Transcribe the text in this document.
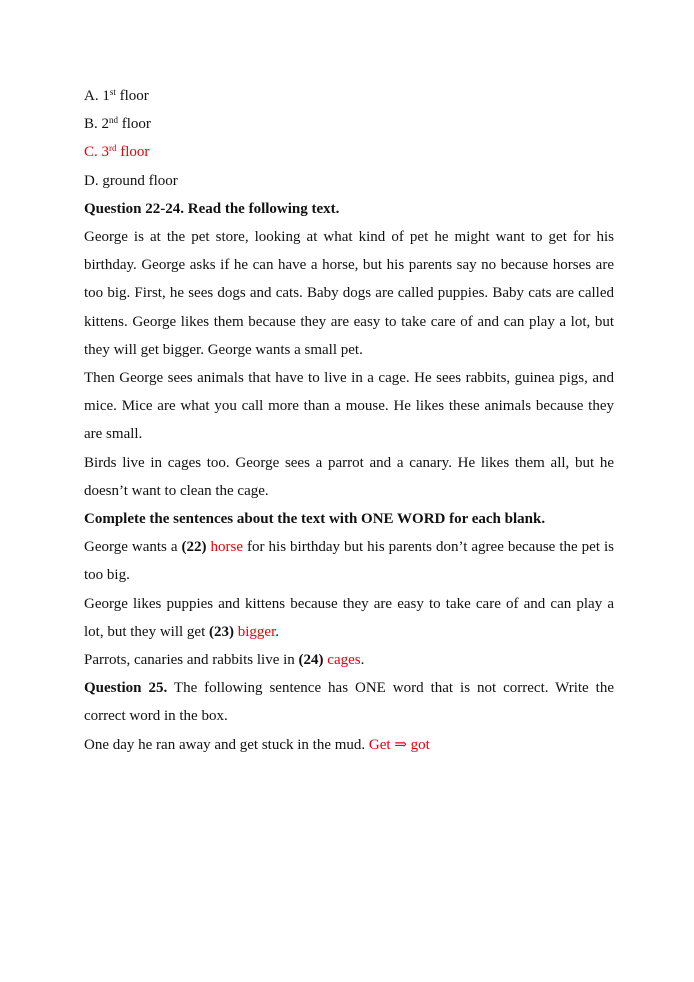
A. 1st floor

B. 2nd floor

C. 3rd floor

D. ground floor

Question 22-24. Read the following text.

George is at the pet store, looking at what kind of pet he might want to get for his birthday. George asks if he can have a horse, but his parents say no because horses are too big. First, he sees dogs and cats. Baby dogs are called puppies. Baby cats are called kittens. George likes them because they are easy to take care of and can play a lot, but they will get bigger. George wants a small pet.

Then George sees animals that have to live in a cage. He sees rabbits, guinea pigs, and mice. Mice are what you call more than a mouse. He likes these animals because they are small.

Birds live in cages too. George sees a parrot and a canary. He likes them all, but he doesn’t want to clean the cage.

Complete the sentences about the text with ONE WORD for each blank.

George wants a (22) horse for his birthday but his parents don’t agree because the pet is too big.

George likes puppies and kittens because they are easy to take care of and can play a lot, but they will get (23) bigger.

Parrots, canaries and rabbits live in (24) cages.

Question 25. The following sentence has ONE word that is not correct. Write the correct word in the box.

One day he ran away and get stuck in the mud. Get ⇒ got
